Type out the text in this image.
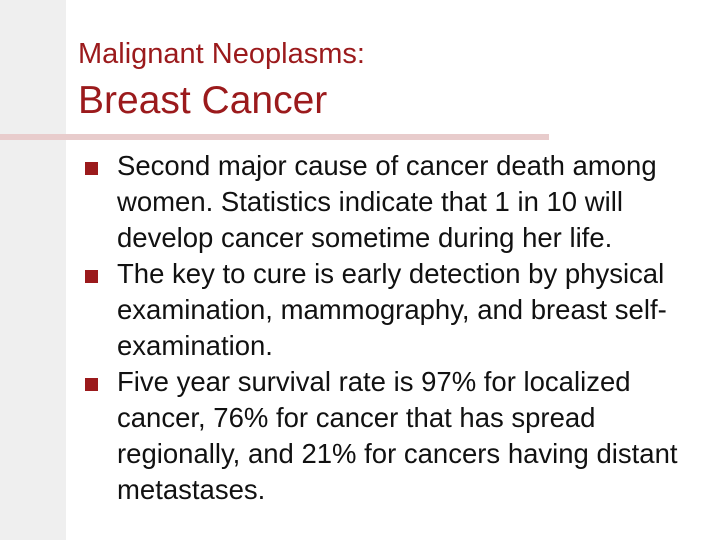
Malignant Neoplasms:
Breast Cancer
Second major cause of cancer death among women. Statistics indicate that 1 in 10 will develop cancer sometime during her life.
The key to cure is early detection by physical examination, mammography, and breast self-examination.
Five year survival rate is 97% for localized cancer, 76% for cancer that has spread regionally, and 21% for cancers having distant metastases.
